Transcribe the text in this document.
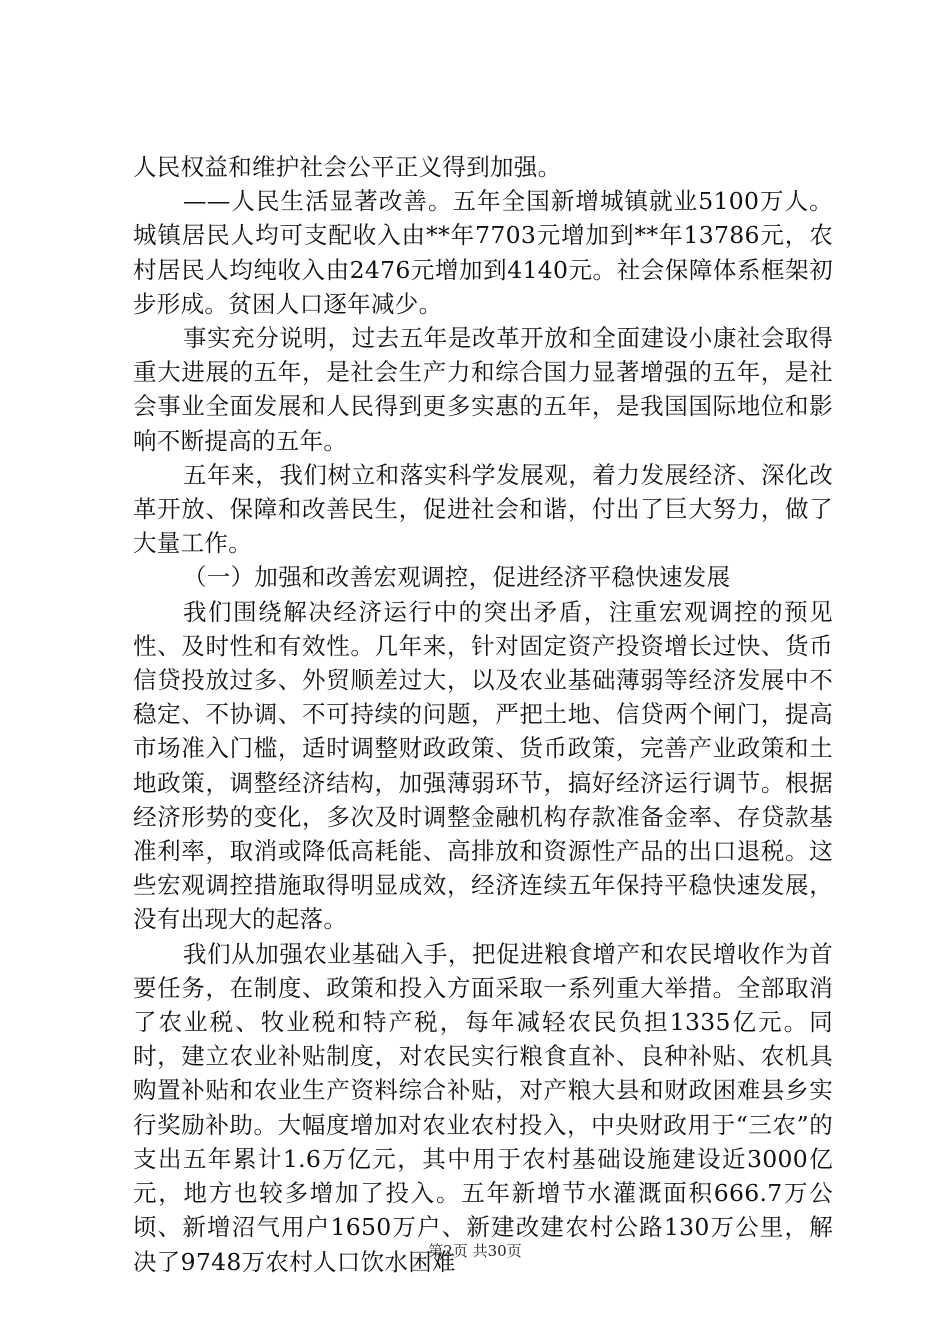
人民权益和维护社会公平正义得到加强。

——人民生活显著改善。五年全国新增城镇就业5100万人。城镇居民人均可支配收入由**年7703元增加到**年13786元，农村居民人均纯收入由2476元增加到4140元。社会保障体系框架初步形成。贫困人口逐年减少。

事实充分说明，过去五年是改革开放和全面建设小康社会取得重大进展的五年，是社会生产力和综合国力显著增强的五年，是社会事业全面发展和人民得到更多实惠的五年，是我国国际地位和影响不断提高的五年。

五年来，我们树立和落实科学发展观，着力发展经济、深化改革开放、保障和改善民生，促进社会和谐，付出了巨大努力，做了大量工作。

（一）加强和改善宏观调控，促进经济平稳快速发展

我们围绕解决经济运行中的突出矛盾，注重宏观调控的预见性、及时性和有效性。几年来，针对固定资产投资增长过快、货币信贷投放过多、外贸顺差过大，以及农业基础薄弱等经济发展中不稳定、不协调、不可持续的问题，严把土地、信贷两个闸门，提高市场准入门槛，适时调整财政政策、货币政策，完善产业政策和土地政策，调整经济结构，加强薄弱环节，搞好经济运行调节。根据经济形势的变化，多次及时调整金融机构存款准备金率、存贷款基准利率，取消或降低高耗能、高排放和资源性产品的出口退税。这些宏观调控措施取得明显成效，经济连续五年保持平稳快速发展，没有出现大的起落。

我们从加强农业基础入手，把促进粮食增产和农民增收作为首要任务，在制度、政策和投入方面采取一系列重大举措。全部取消了农业税、牧业税和特产税，每年减轻农民负担1335亿元。同时，建立农业补贴制度，对农民实行粮食直补、良种补贴、农机具购置补贴和农业生产资料综合补贴，对产粮大县和财政困难县乡实行奖励补助。大幅度增加对农业农村投入，中央财政用于“三农”的支出五年累计1.6万亿元，其中用于农村基础设施建设近3000亿元，地方也较多增加了投入。五年新增节水灌溉面积666.7万公顷、新增沼气用户1650万户、新建改建农村公路130万公里，解决了9748万农村人口饮水困难

第2页 共30页
